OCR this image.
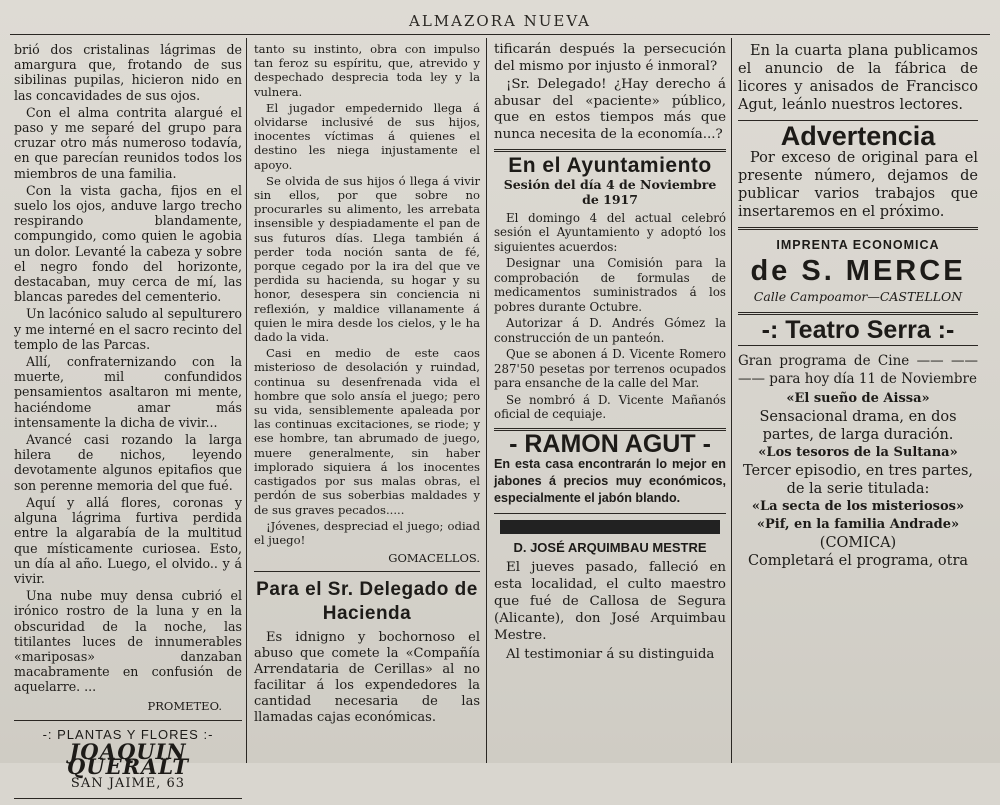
ALMAZORA NUEVA

brió dos cristalinas lágrimas de amargura que, frotando de sus sibilinas pupilas, hicieron nido en las concavidades de sus ojos.

Con el alma contrita alargué el paso y me separé del grupo para cruzar otro más numeroso todavía, en que parecían reunidos todos los miembros de una familia.

Con la vista gacha, fijos en el suelo los ojos, anduve largo trecho respirando blandamente, compungido, como quien le agobia un dolor. Levanté la cabeza y sobre el negro fondo del horizonte, destacaban, muy cerca de mí, las blancas paredes del cementerio.

Un lacónico saludo al sepulturero y me interné en el sacro recinto del templo de las Parcas.

Allí, confraternizando con la muerte, mil confundidos pensamientos asaltaron mi mente, haciéndome amar más intensamente la dicha de vivir...

Avancé casi rozando la larga hilera de nichos, leyendo devotamente algunos epitafios que son perenne memoria del que fué.

Aquí y allá flores, coronas y alguna lágrima furtiva perdida entre la algarabía de la multitud que místicamente curiosea. Esto, un día al año. Luego, el olvido.. y á vivir.

Una nube muy densa cubrió el irónico rostro de la luna y en la obscuridad de la noche, las titilantes luces de innumerables «mariposas» danzaban macabramente en confusión de aquelarre. ...

PROMETEO.
-: PLANTAS Y FLORES :-
JOAQUIN QUERALT
SAN JAIME, 63

tanto su instinto, obra con impulso tan feroz su espíritu, que, atrevido y despechado desprecia toda ley y la vulnera.

El jugador empedernido llega á olvidarse inclusivé de sus hijos, inocentes víctimas á quienes el destino les niega injustamente el apoyo.

Se olvida de sus hijos ó llega á vivir sin ellos, por que sobre no procurarles su alimento, les arrebata insensible y despiadamente el pan de sus futuros días. Llega también á perder toda noción santa de fé, porque cegado por la ira del que ve perdida su hacienda, su hogar y su honor, desespera sin conciencia ni reflexión, y maldice villanamente á quien le mira desde los cielos, y le ha dado la vida.

Casi en medio de este caos misterioso de desolación y ruindad, continua su desenfrenada vida el hombre que solo ansía el juego; pero su vida, sensiblemente apaleada por las continuas excitaciones, se riode; y ese hombre, tan abrumado de juego, muere generalmente, sin haber implorado siquiera á los inocentes castigados por sus malas obras, el perdón de sus soberbias maldades y de sus graves pecados.....

¡Jóvenes, despreciad el juego; odiad el juego!

GOMACELLOS.
Para el Sr. Delegado de Hacienda

Es idnigno y bochornoso el abuso que comete la «Compañía Arrendataria de Cerillas» al no facilitar á los expendedores la cantidad necesaria de las llamadas cajas económicas.

tificarán después la persecución del mismo por injusto é inmoral?

¡Sr. Delegado! ¿Hay derecho á abusar del «paciente» público, que en estos tiempos más que nunca necesita de la economía...?

En el Ayuntamiento
Sesión del día 4 de Noviembre de 1917

El domingo 4 del actual celebró sesión el Ayuntamiento y adoptó los siguientes acuerdos:

Designar una Comisión para la comprobación de formulas de medicamentos suministrados á los pobres durante Octubre.

Autorizar á D. Andrés Gómez la construcción de un panteón.

Que se abonen á D. Vicente Romero 287'50 pesetas por terrenos ocupados para ensanche de la calle del Mar.

Se nombró á D. Vicente Mañanós oficial de cequiaje.

- RAMON AGUT -

En esta casa encontrarán lo mejor en jabones á precios muy económicos, especialmente el jabón blando.

D. JOSÉ ARQUIMBAU MESTRE

El jueves pasado, falleció en esta localidad, el culto maestro que fué de Callosa de Segura (Alicante), don José Arquimbau Mestre.

Al testimoniar á su distinguida

En la cuarta plana publicamos el anuncio de la fábrica de licores y anisados de Francisco Agut, leánlo nuestros lectores.

Advertencia

Por exceso de original para el presente número, dejamos de publicar varios trabajos que insertaremos en el próximo.

IMPRENTA ECONOMICA
de S. MERCE
Calle Campoamor—CASTELLON
-: Teatro Serra :-

Gran programa de Cine —— —— —— para hoy día 11 de Noviembre

«El sueño de Aissa»
Sensacional drama, en dos partes, de larga duración.
«Los tesoros de la Sultana»
Tercer episodio, en tres partes, de la serie titulada:
«La secta de los misteriosos»
«Pif, en la familia Andrade»
(COMICA)
Completará el programa, otra
